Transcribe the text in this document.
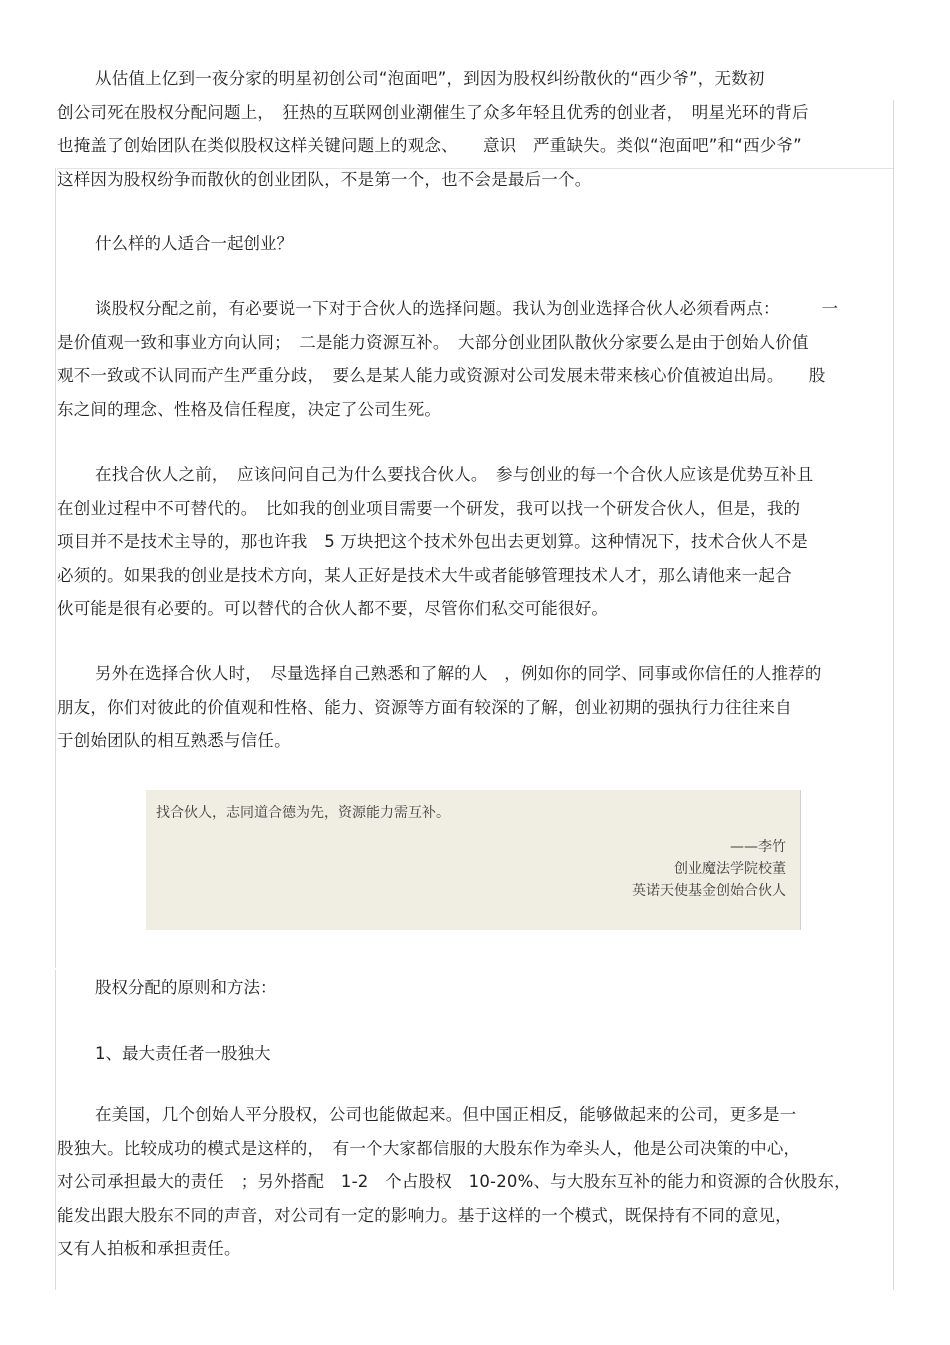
从估值上亿到一夜分家的明星初创公司“泡面吧”，到因为股权纠纷散伙的“西少爷”，无数初
创公司死在股权分配问题上，　狂热的互联网创业潮催生了众多年轻且优秀的创业者，　明星光环的背后
也掩盖了创始团队在类似股权这样关键问题上的观念、　　意识　严重缺失。类似“泡面吧”和“西少爷”
这样因为股权纷争而散伙的创业团队，不是第一个，也不会是最后一个。
什么样的人适合一起创业？
谈股权分配之前，有必要说一下对于合伙人的选择问题。我认为创业选择合伙人必须看两点：　　　一
是价值观一致和事业方向认同；　二是能力资源互补。　大部分创业团队散伙分家要么是由于创始人价值
观不一致或不认同而产生严重分歧，　要么是某人能力或资源对公司发展未带来核心价值被迫出局。　　股
东之间的理念、性格及信任程度，决定了公司生死。
在找合伙人之前，　应该问问自己为什么要找合伙人。　参与创业的每一个合伙人应该是优势互补且
在创业过程中不可替代的。　比如我的创业项目需要一个研发，我可以找一个研发合伙人，但是，我的
项目并不是技术主导的，那也许我　5 万块把这个技术外包出去更划算。这种情况下，技术合伙人不是
必须的。如果我的创业是技术方向，某人正好是技术大牛或者能够管理技术人才，那么请他来一起合
伙可能是很有必要的。可以替代的合伙人都不要，尽管你们私交可能很好。
另外在选择合伙人时，　尽量选择自己熟悉和了解的人　，例如你的同学、同事或你信任的人推荐的
朋友，你们对彼此的价值观和性格、能力、资源等方面有较深的了解，创业初期的强执行力往往来自
于创始团队的相互熟悉与信任。
找合伙人，志同道合德为先，资源能力需互补。
——李竹
创业魔法学院校董
英诺天使基金创始合伙人
股权分配的原则和方法：
1、最大责任者一股独大
在美国，几个创始人平分股权，公司也能做起来。但中国正相反，能够做起来的公司，更多是一
股独大。比较成功的模式是这样的，　有一个大家都信服的大股东作为牵头人，他是公司决策的中心，
对公司承担最大的责任　；另外搭配　1-2　个占股权　10-20%、与大股东互补的能力和资源的合伙股东，
能发出跟大股东不同的声音，对公司有一定的影响力。基于这样的一个模式，既保持有不同的意见，
又有人拍板和承担责任。
